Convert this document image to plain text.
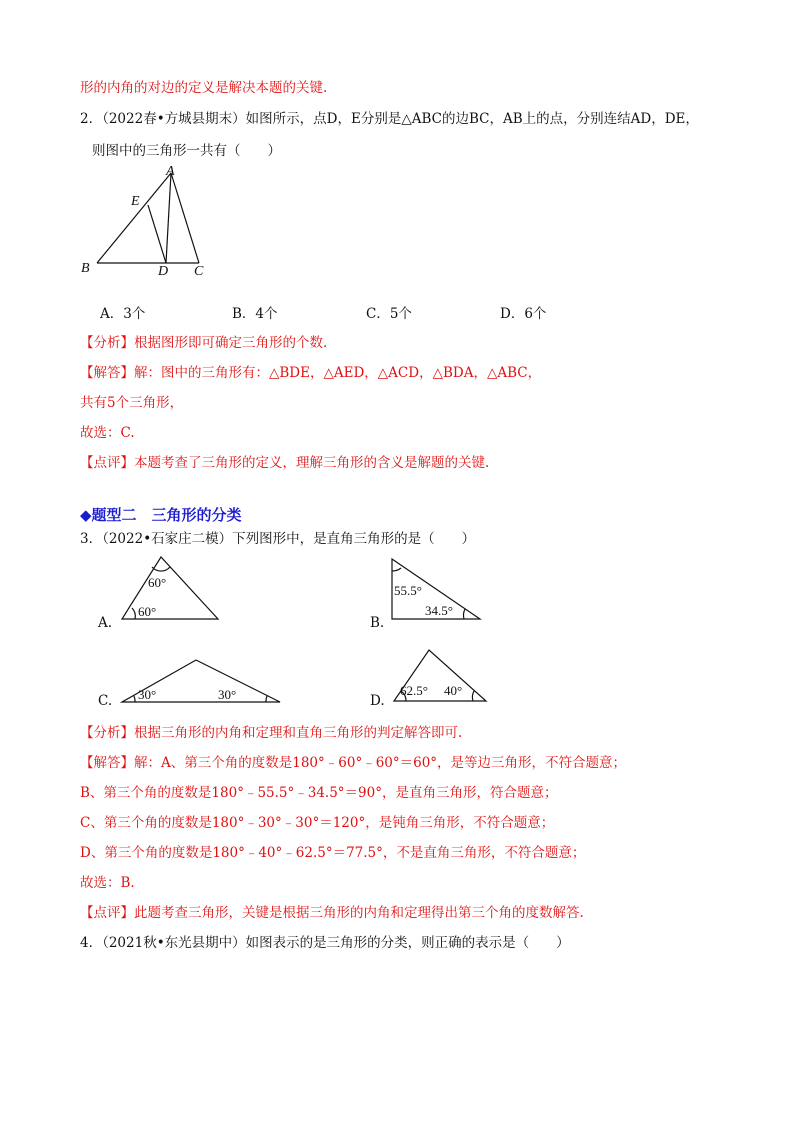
形的内角的对边的定义是解决本题的关键.
2．（2022春•方城县期末）如图所示，点D，E分别是△ABC的边BC，AB上的点，分别连结AD，DE，
则图中的三角形一共有（　　）
A
E
B	D C
A．3个	B．4个	C．5个	D．6个
【分析】根据图形即可确定三角形的个数.
【解答】解：图中的三角形有：△BDE，△AED，△ACD，△BDA，△ABC，
共有5个三角形，
故选：C.
【点评】本题考查了三角形的定义，理解三角形的含义是解题的关键.
◆题型二　三角形的分类
3．（2022•石家庄二模）下列图形中，是直角三角形的是（　　）
A.
60°
60°
B.
55.5°
34.5°
C. 30°	30°	D.
62.5° 40°
【分析】根据三角形的内角和定理和直角三角形的判定解答即可.
【解答】解：A、第三个角的度数是180°﹣60°﹣60°＝60°，是等边三角形，不符合题意；
B、第三个角的度数是180°﹣55.5°﹣34.5°＝90°，是直角三角形，符合题意；
C、第三个角的度数是180°﹣30°﹣30°＝120°，是钝角三角形，不符合题意；
D、第三个角的度数是180°﹣40°﹣62.5°＝77.5°，不是直角三角形，不符合题意；
故选：B.
【点评】此题考查三角形，关键是根据三角形的内角和定理得出第三个角的度数解答.
4．（2021秋•东光县期中）如图表示的是三角形的分类，则正确的表示是（　　）
